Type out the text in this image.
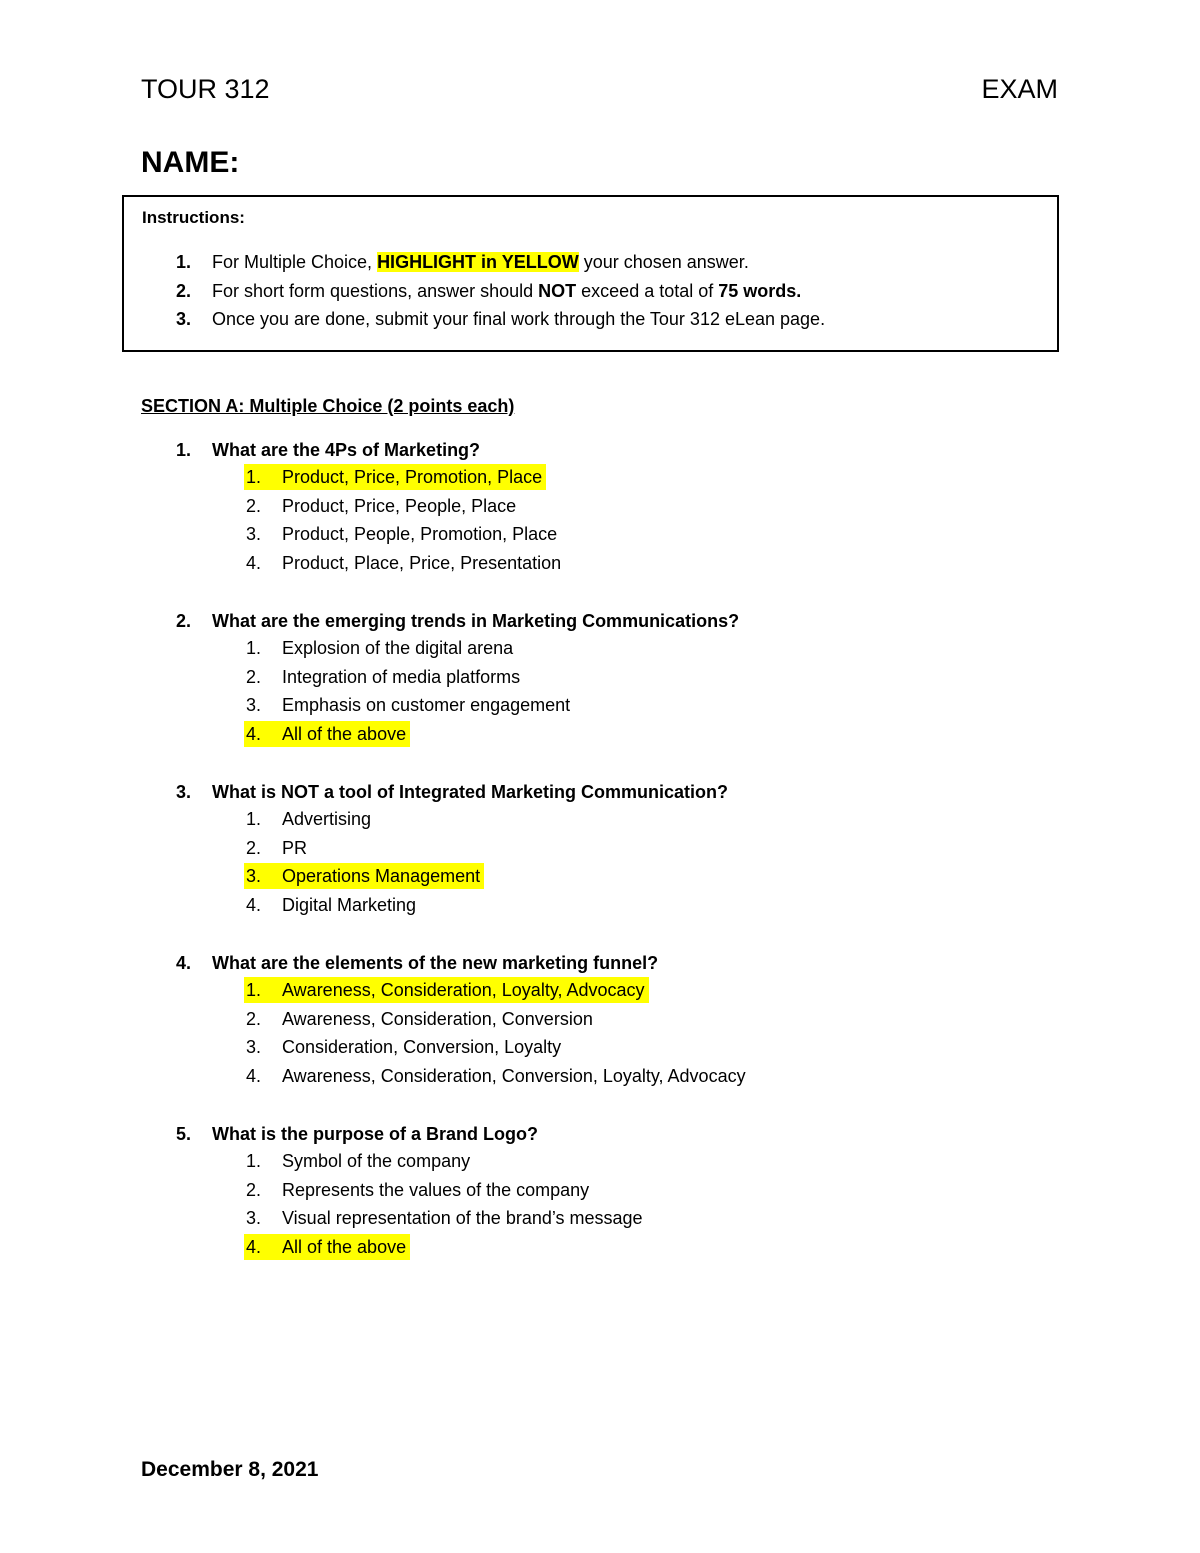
TOUR 312	EXAM
NAME:
Instructions:
1. For Multiple Choice, HIGHLIGHT in YELLOW your chosen answer.
2. For short form questions, answer should NOT exceed a total of 75 words.
3. Once you are done, submit your final work through the Tour 312 eLean page.
SECTION A: Multiple Choice (2 points each)
1. What are the 4Ps of Marketing?
1. Product, Price, Promotion, Place
2. Product, Price, People, Place
3. Product, People, Promotion, Place
4. Product, Place, Price, Presentation
2. What are the emerging trends in Marketing Communications?
1. Explosion of the digital arena
2. Integration of media platforms
3. Emphasis on customer engagement
4. All of the above
3. What is NOT a tool of Integrated Marketing Communication?
1. Advertising
2. PR
3. Operations Management
4. Digital Marketing
4. What are the elements of the new marketing funnel?
1. Awareness, Consideration, Loyalty, Advocacy
2. Awareness, Consideration, Conversion
3. Consideration, Conversion, Loyalty
4. Awareness, Consideration, Conversion, Loyalty, Advocacy
5. What is the purpose of a Brand Logo?
1. Symbol of the company
2. Represents the values of the company
3. Visual representation of the brand’s message
4. All of the above
December 8, 2021
